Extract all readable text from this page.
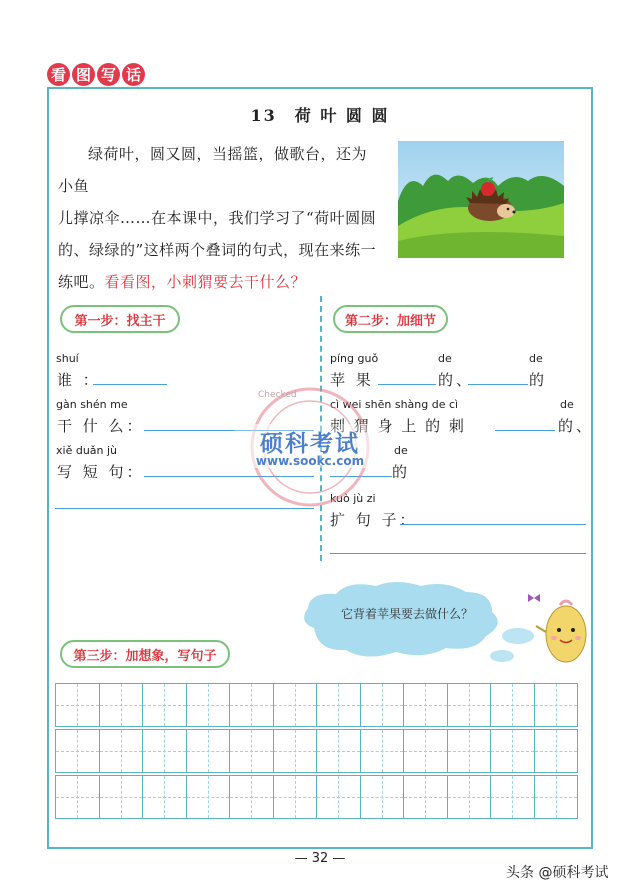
看 图 写 话
13　荷 叶 圆 圆
绿荷叶，圆又圆，当摇篮，做歌台，还为小鱼
儿撑凉伞……在本课中，我们学习了“荷叶圆圆
的、绿绿的”这样两个叠词的句式，现在来练一
练吧。看看图，小刺猬要去干什么？
第一步：找主干
shuí
谁 ：
gàn shén me
干 什 么：
xiě duǎn jù
写 短 句：
第二步：加细节
píng guǒ	de	de
苹 果	的、	的
cì wei shēn shàng de cì	de
刺 猬 身 上 的 刺	的、
de
的
kuò jù zi
扩 句 子：
Checked
硕科考试
www.sookc.com
它背着苹果要去做什么？
第三步：加想象，写句子
— 32 —
头条 @硕科考试
